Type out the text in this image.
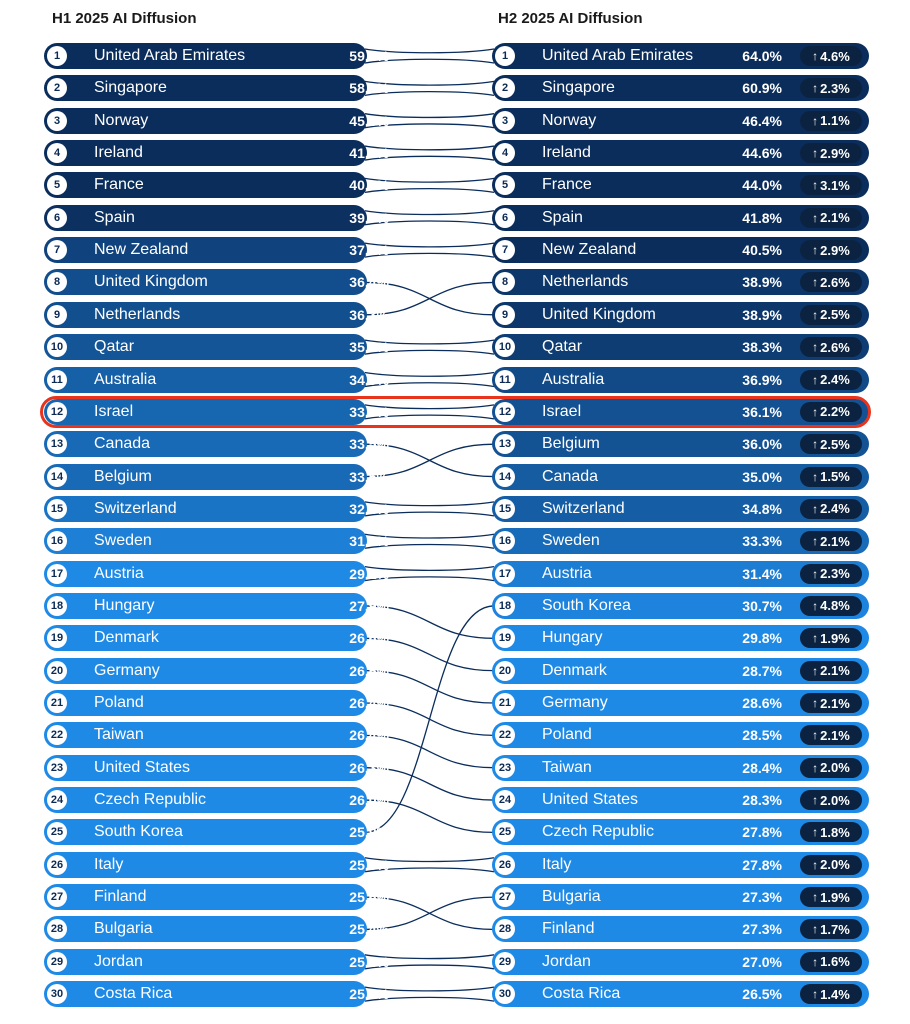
H1 2025 AI Diffusion	H2 2025 AI Diffusion
1	United Arab Emirates	59.4%
2	Singapore	58.6%
3	Norway	45.3%
4	Ireland	41.7%
5	France	40.9%
6	Spain	39.7%
7	New Zealand	37.6%
8	United Kingdom	36.4%
9	Netherlands	36.3%
10 Qatar	35.7%
11 Australia	34.5%
12 Israel	33.9%
13 Canada	33.5%
14 Belgium	33.5%
15 Switzerland	32.4%
16 Sweden	31.2%
17 Austria	29.1%
18 Hungary	27.9%
19 Denmark	26.6%
20 Germany	26.5%
21 Poland	26.4%
22 Taiwan	26.4%
23 United States	26.3%
24 Czech Republic	26.0%
25 South Korea	25.9%
26 Italy	25.8%
27 Finland	25.6%
28 Bulgaria	25.4%
29 Jordan	25.4%
30 Costa Rica	25.1%
1	United Arab Emirates	64.0%	↑ 4.6%
2	Singapore	60.9%	↑ 2.3%
3	Norway	46.4%	↑ 1.1%
4	Ireland	44.6%	↑ 2.9%
5	France	44.0%	↑ 3.1%
6	Spain	41.8%	↑ 2.1%
7	New Zealand	40.5%	↑ 2.9%
8	Netherlands	38.9%	↑ 2.6%
9	United Kingdom	38.9%	↑ 2.5%
10 Qatar	38.3%	↑ 2.6%
11 Australia	36.9%	↑ 2.4%
12 Israel	36.1%	↑ 2.2%
13 Belgium	36.0%	↑ 2.5%
14 Canada	35.0%	↑ 1.5%
15 Switzerland	34.8%	↑ 2.4%
16 Sweden	33.3%	↑ 2.1%
17 Austria	31.4%	↑ 2.3%
18 South Korea	30.7%	↑ 4.8%
19 Hungary	29.8%	↑ 1.9%
20 Denmark	28.7%	↑ 2.1%
21 Germany	28.6%	↑ 2.1%
22 Poland	28.5%	↑ 2.1%
23 Taiwan	28.4%	↑ 2.0%
24 United States	28.3%	↑ 2.0%
25 Czech Republic	27.8%	↑ 1.8%
26 Italy	27.8%	↑ 2.0%
27 Bulgaria	27.3%	↑ 1.9%
28 Finland	27.3%	↑ 1.7%
29 Jordan	27.0%	↑ 1.6%
30 Costa Rica	26.5%	↑ 1.4%
